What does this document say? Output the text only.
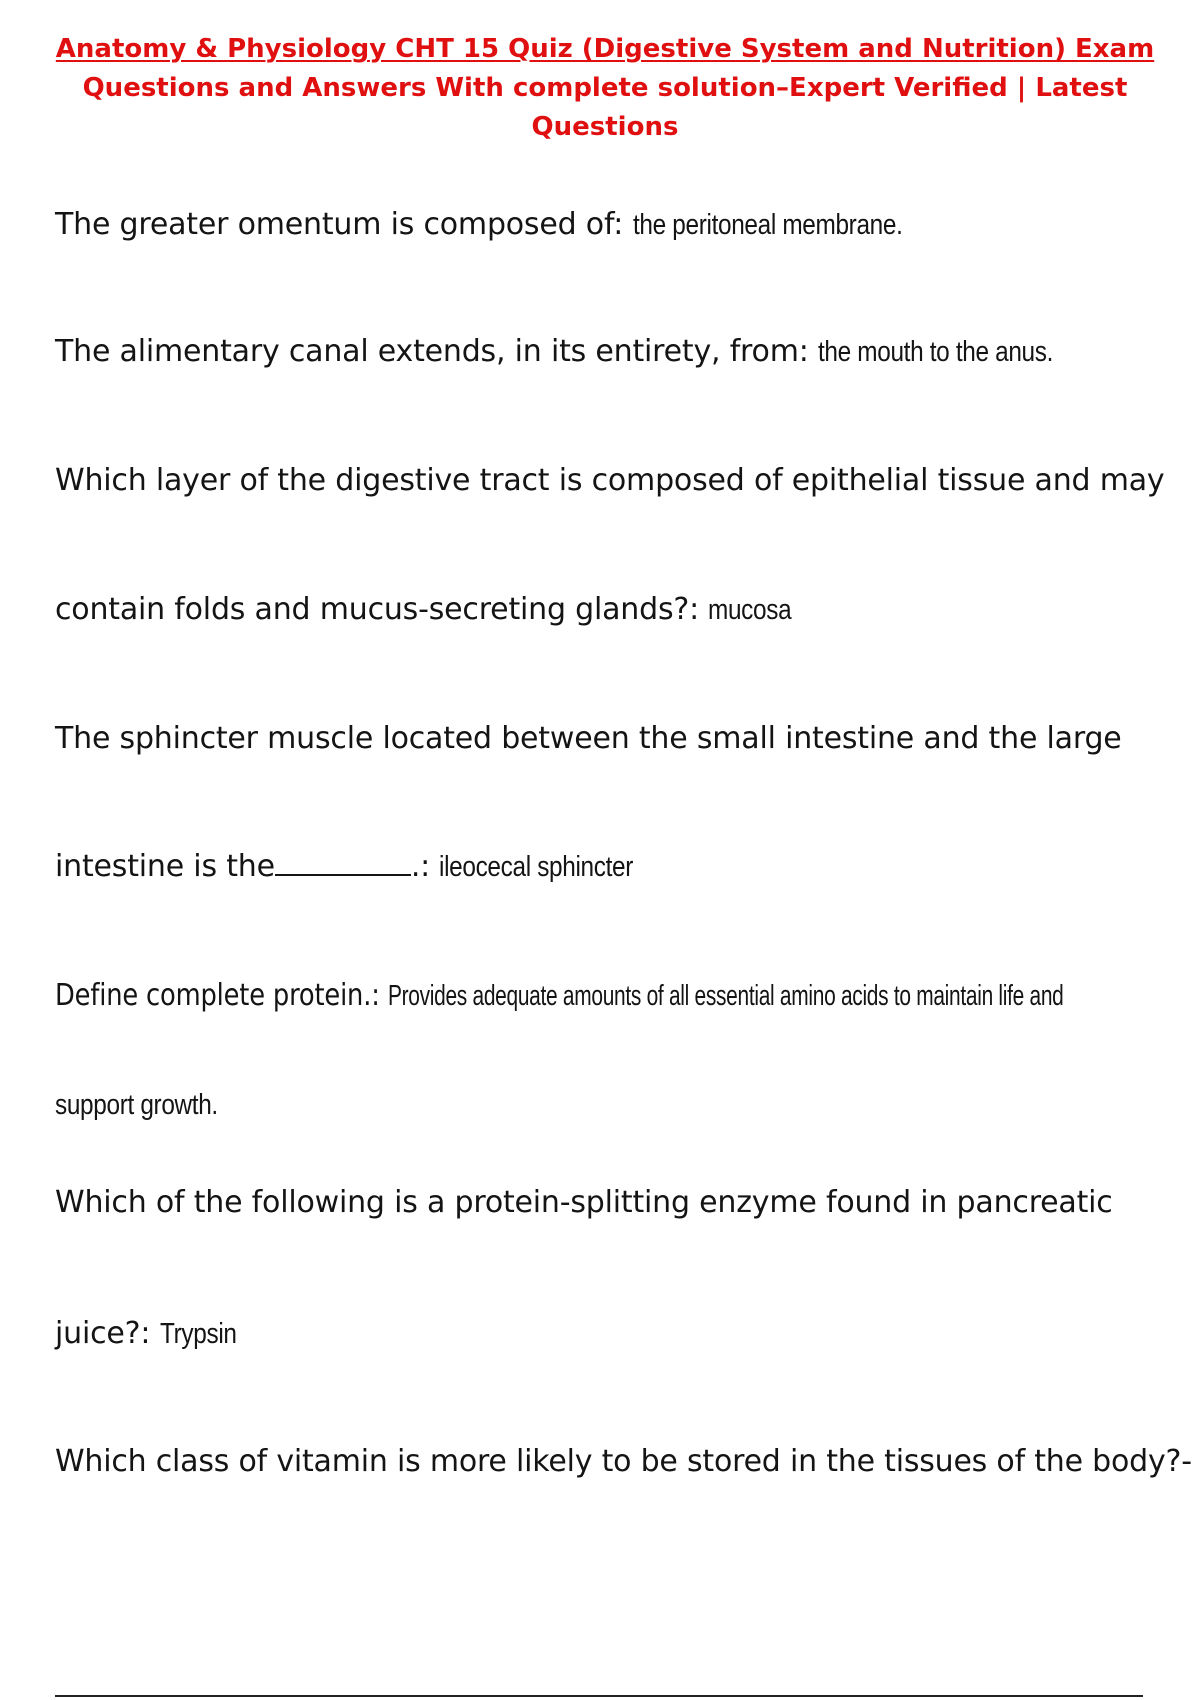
Anatomy & Physiology CHT 15 Quiz (Digestive System and Nutrition) Exam
Questions and Answers With complete solution–Expert Verified | Latest
Questions
The greater omentum is composed of: the peritoneal membrane.
The alimentary canal extends, in its entirety, from: the mouth to the anus.
Which layer of the digestive tract is composed of epithelial tissue and may
contain folds and mucus-secreting glands?: mucosa
The sphincter muscle located between the small intestine and the large
intestine is the	.: ileocecal sphincter
Define complete protein.: Provides adequate amounts of all essential amino acids to maintain life and
support growth.
Which of the following is a protein-splitting enzyme found in pancreatic
juice?: Trypsin
Which class of vitamin is more likely to be stored in the tissues of the body?-
